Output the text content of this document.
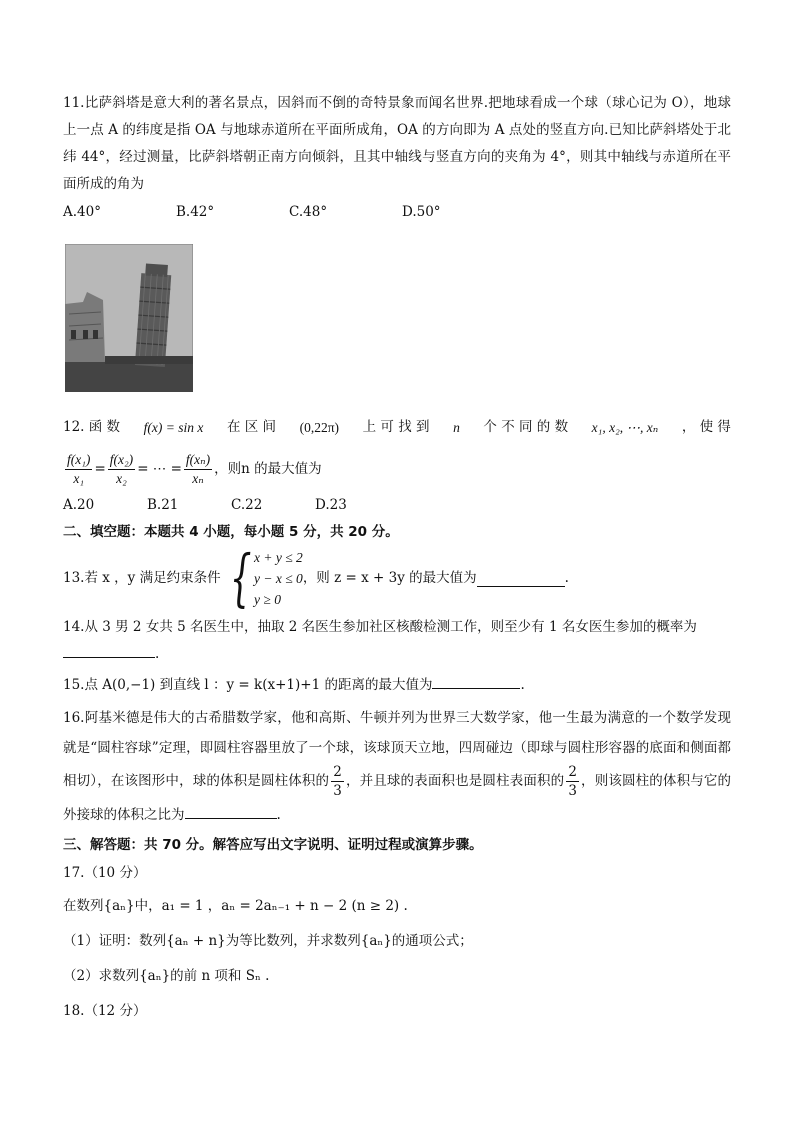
11.比萨斜塔是意大利的著名景点，因斜而不倒的奇特景象而闻名世界.把地球看成一个球（球心记为 O），地球上一点 A 的纬度是指 OA 与地球赤道所在平面所成角，OA 的方向即为 A 点处的竖直方向.已知比萨斜塔处于北纬 44°，经过测量，比萨斜塔朝正南方向倾斜，且其中轴线与竖直方向的夹角为 4°，则其中轴线与赤道所在平面所成的角为

A.40°	B.42°	C.48°	D.50°

12. 函 数 f(x) = sin x 在 区 间 (0,22π) 上 可 找 到 n 个 不 同 的 数 x₁, x₂, ⋯, xₙ ， 使 得

$\frac{\text{f(x₁)}}{\text{x₁}} = \frac{\text{f(x₂)}}{\text{x₂}}$ = ⋯ = $\frac{\text{f(xₙ)}}{\text{xₙ}}$ ，则n 的最大值为
A.20	B.21	C.22	D.23

二、填空题：本题共 4 小题，每小题 5 分，共 20 分。

13.若 x ，y 满足约束条件 { x + y ≤ 2
y − x ≤ 0
y ≥ 0
，则 z = x + 3y 的最大值为	.

14.从 3 男 2 女共 5 名医生中，抽取 2 名医生参加社区核酸检测工作，则至少有 1 名女医生参加的概率为
.

15.点 A(0,−1) 到直线 l ：y = k(x+1)+1 的距离的最大值为	.

16.阿基米德是伟大的古希腊数学家，他和高斯、牛顿并列为世界三大数学家，他一生最为满意的一个数学发现就是“圆柱容球”定理，即圆柱容器里放了一个球，该球顶天立地，四周碰边（即球与圆柱形容器的底面和侧面都相切），在该图形中，球的体积是圆柱体积的 $\frac{2}{3}$ ，并且球的表面积也是圆柱表面积的 $\frac{2}{3}$ ，则该圆柱的体积与它的外接球的体积之比为	.

三、解答题：共 70 分。解答应写出文字说明、证明过程或演算步骤。

17.（10 分）

在数列{aₙ}中，a₁ = 1 ，aₙ = 2aₙ₋₁ + n − 2 (n ≥ 2) .

（1）证明：数列{aₙ + n}为等比数列，并求数列{aₙ}的通项公式；

（2）求数列{aₙ}的前 n 项和 Sₙ .

18.（12 分）
